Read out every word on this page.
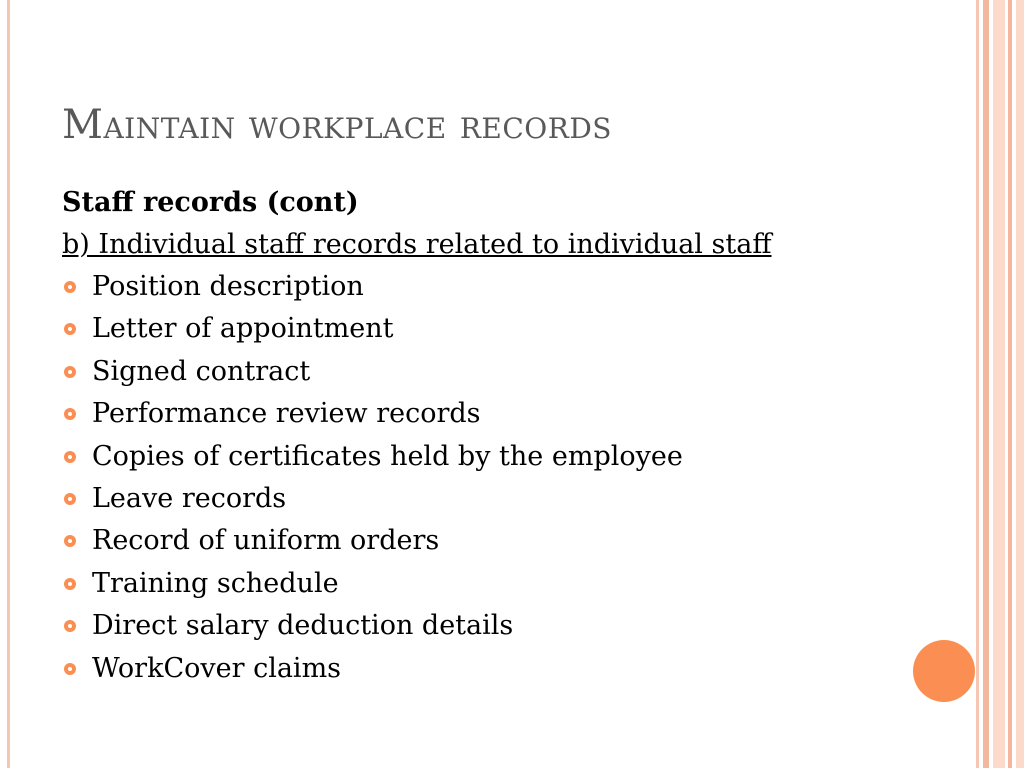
Maintain workplace records
Staff records (cont)
b) Individual staff records related to individual staff
Position description
Letter of appointment
Signed contract
Performance review records
Copies of certificates held by the employee
Leave records
Record of uniform orders
Training schedule
Direct salary deduction details
WorkCover claims
